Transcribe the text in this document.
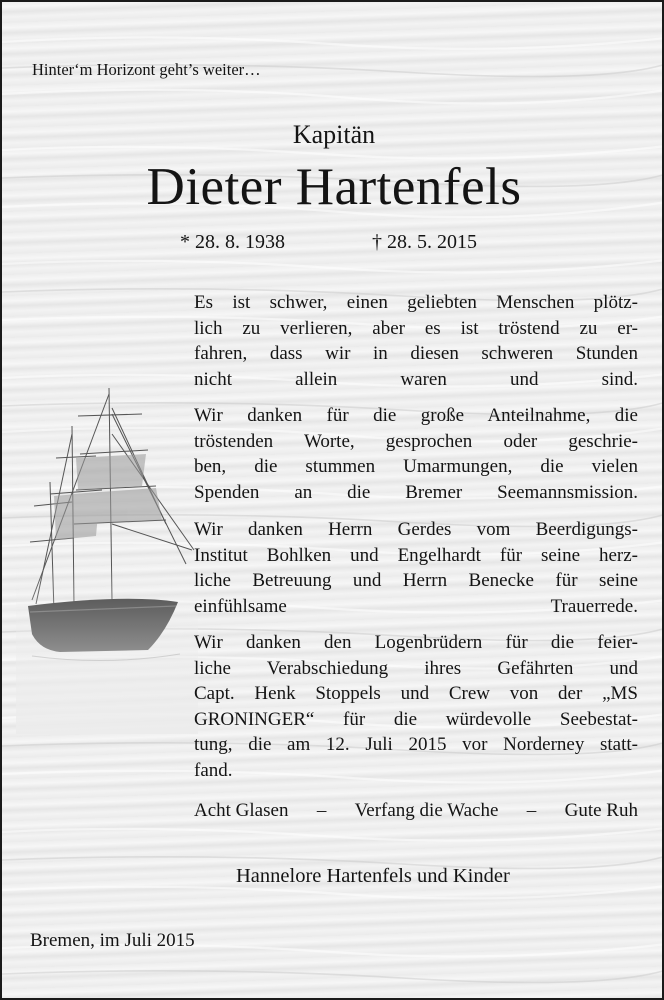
Hinter‘m Horizont geht’s weiter…
Kapitän
Dieter Hartenfels
* 28. 8. 1938	† 28. 5. 2015
Es ist schwer, einen geliebten Menschen plötz-
lich zu verlieren, aber es ist tröstend zu er-
fahren, dass wir in diesen schweren Stunden
nicht allein waren und sind.
Wir danken für die große Anteilnahme, die
tröstenden Worte, gesprochen oder geschrie-
ben, die stummen Umarmungen, die vielen
Spenden an die Bremer Seemannsmission.
Wir danken Herrn Gerdes vom Beerdigungs-
Institut Bohlken und Engelhardt für seine herz-
liche Betreuung und Herrn Benecke für seine
einfühlsame Trauerrede.
Wir danken den Logenbrüdern für die feier-
liche Verabschiedung ihres Gefährten und
Capt. Henk Stoppels und Crew von der „MS
GRONINGER“ für die würdevolle Seebestat-
tung, die am 12. Juli 2015 vor Norderney statt-
fand.
Acht Glasen – Verfang die Wache – Gute Ruh
Hannelore Hartenfels und Kinder
Bremen, im Juli 2015
